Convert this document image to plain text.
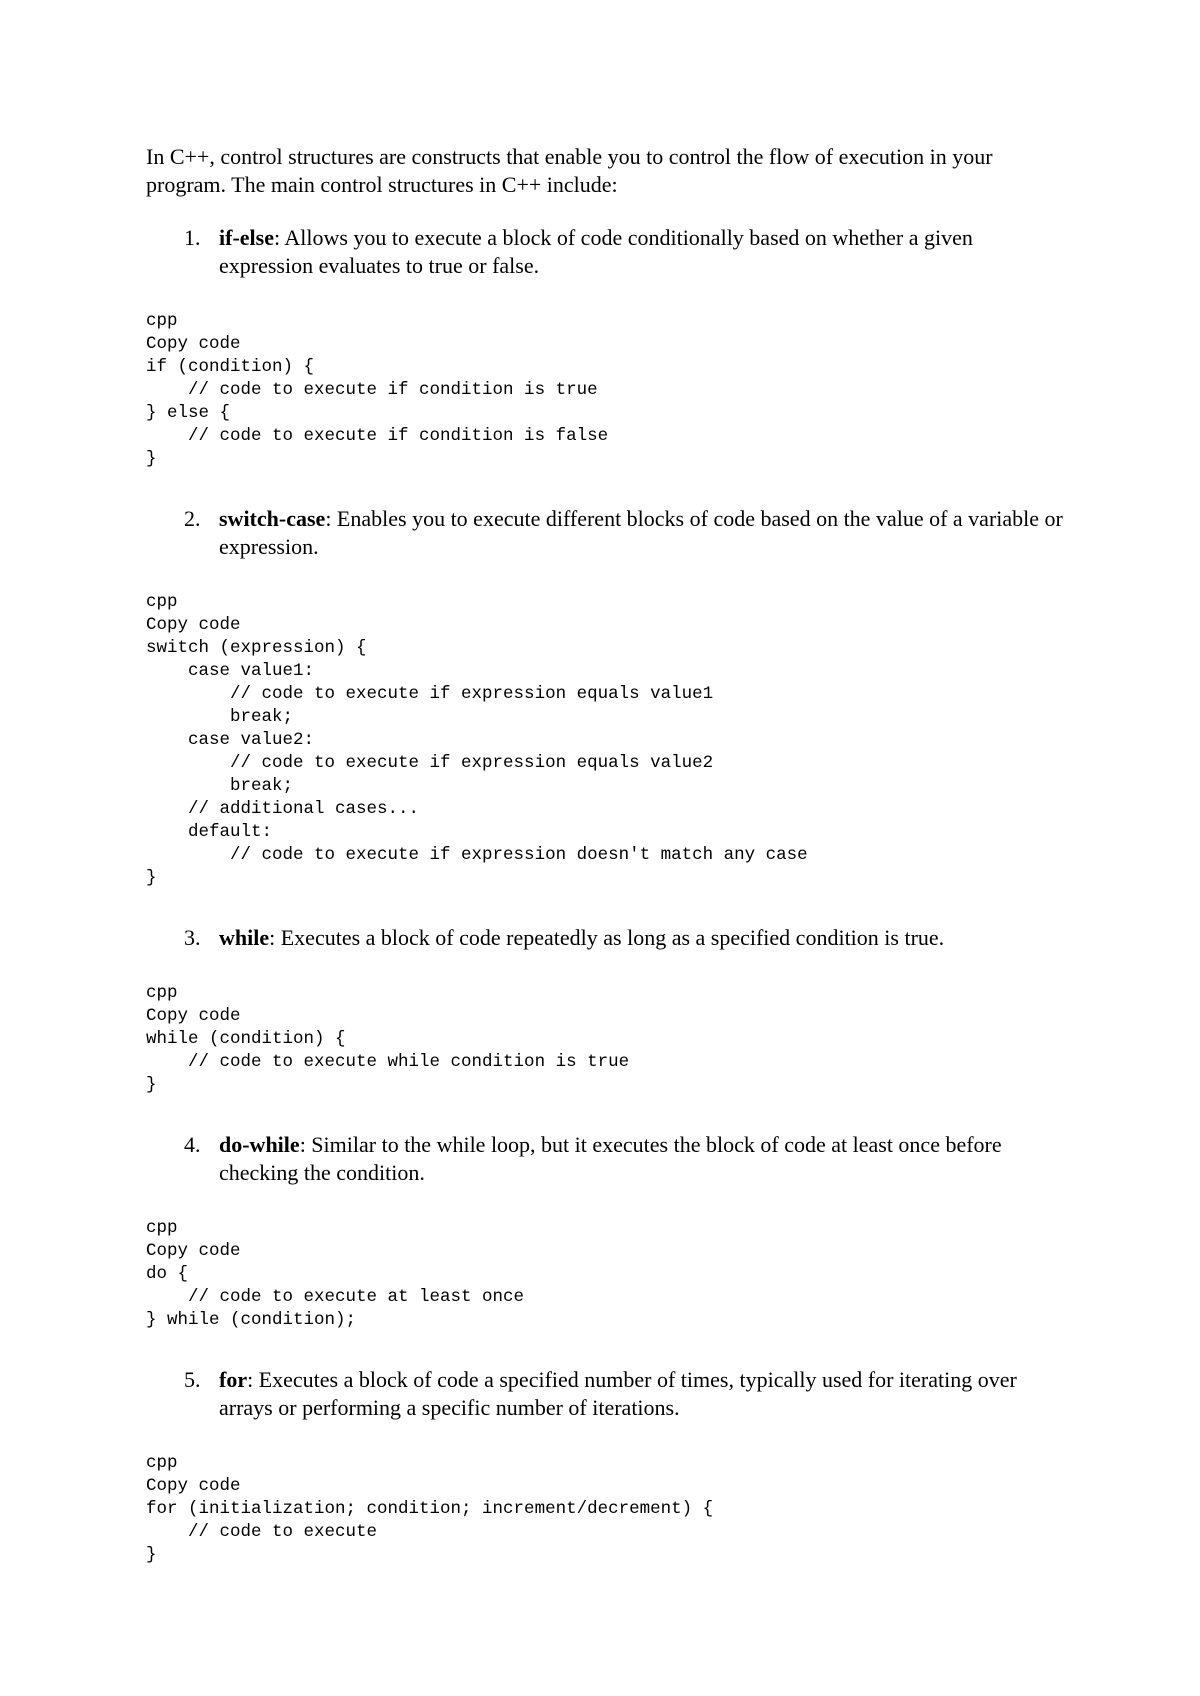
In C++, control structures are constructs that enable you to control the flow of execution in your program. The main control structures in C++ include:

1. if-else: Allows you to execute a block of code conditionally based on whether a given expression evaluates to true or false.

cpp
Copy code
if (condition) {
// code to execute if condition is true
} else {
// code to execute if condition is false
}

2. switch-case: Enables you to execute different blocks of code based on the value of a variable or expression.

cpp
Copy code
switch (expression) {
case value1:
// code to execute if expression equals value1
break;
case value2:
// code to execute if expression equals value2
break;
// additional cases...
default:
// code to execute if expression doesn't match any case
}

3. while: Executes a block of code repeatedly as long as a specified condition is true.

cpp
Copy code
while (condition) {
// code to execute while condition is true
}

4. do-while: Similar to the while loop, but it executes the block of code at least once before checking the condition.

cpp
Copy code
do {
// code to execute at least once
} while (condition);

5. for: Executes a block of code a specified number of times, typically used for iterating over arrays or performing a specific number of iterations.

cpp
Copy code
for (initialization; condition; increment/decrement) {
// code to execute
}
